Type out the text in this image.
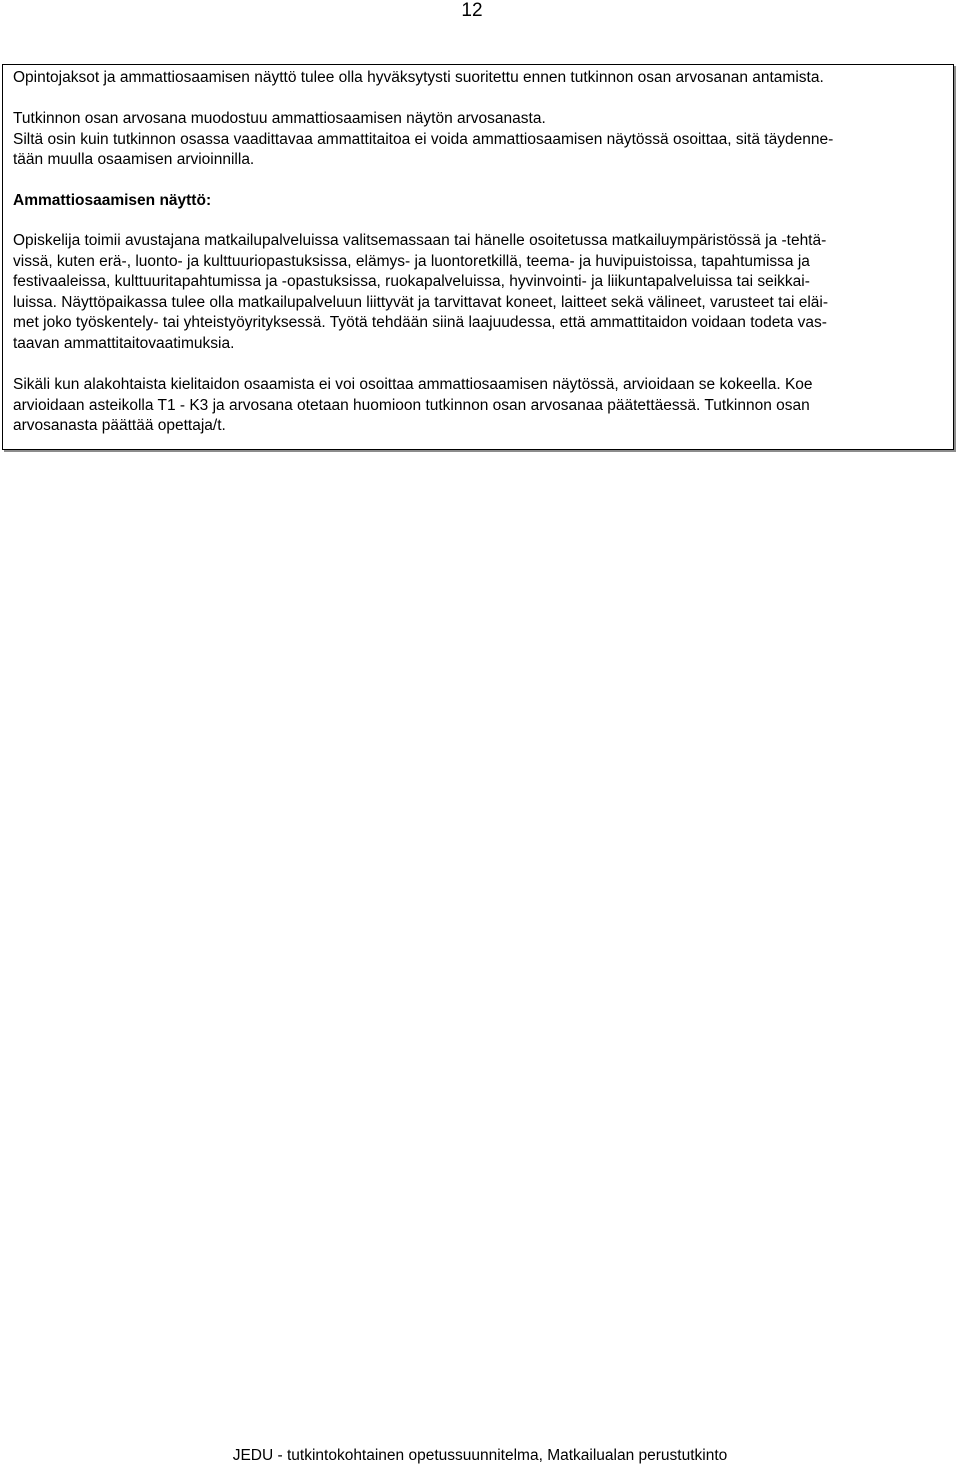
12

Opintojaksot ja ammattiosaamisen näyttö tulee olla hyväksytysti suoritettu ennen tutkinnon osan arvosanan antamista.

Tutkinnon osan arvosana muodostuu ammattiosaamisen näytön arvosanasta.
Siltä osin kuin tutkinnon osassa vaadittavaa ammattitaitoa ei voida ammattiosaamisen näytössä osoittaa, sitä täydenne-
tään muulla osaamisen arvioinnilla.

Ammattiosaamisen näyttö:

Opiskelija toimii avustajana matkailupalveluissa valitsemassaan tai hänelle osoitetussa matkailuympäristössä ja -tehtä-
vissä, kuten erä-, luonto- ja kulttuuriopastuksissa, elämys- ja luontoretkillä, teema- ja huvipuistoissa, tapahtumissa ja
festivaaleissa, kulttuuritapahtumissa ja -opastuksissa, ruokapalveluissa, hyvinvointi- ja liikuntapalveluissa tai seikkai-
luissa. Näyttöpaikassa tulee olla matkailupalveluun liittyvät ja tarvittavat koneet, laitteet sekä välineet, varusteet tai eläi-
met joko työskentely- tai yhteistyöyrityksessä. Työtä tehdään siinä laajuudessa, että ammattitaidon voidaan todeta vas-
taavan ammattitaitovaatimuksia.

Sikäli kun alakohtaista kielitaidon osaamista ei voi osoittaa ammattiosaamisen näytössä, arvioidaan se kokeella. Koe
arvioidaan asteikolla T1 - K3 ja arvosana otetaan huomioon tutkinnon osan arvosanaa päätettäessä. Tutkinnon osan
arvosanasta päättää opettaja/t.

JEDU - tutkintokohtainen opetussuunnitelma, Matkailualan perustutkinto
